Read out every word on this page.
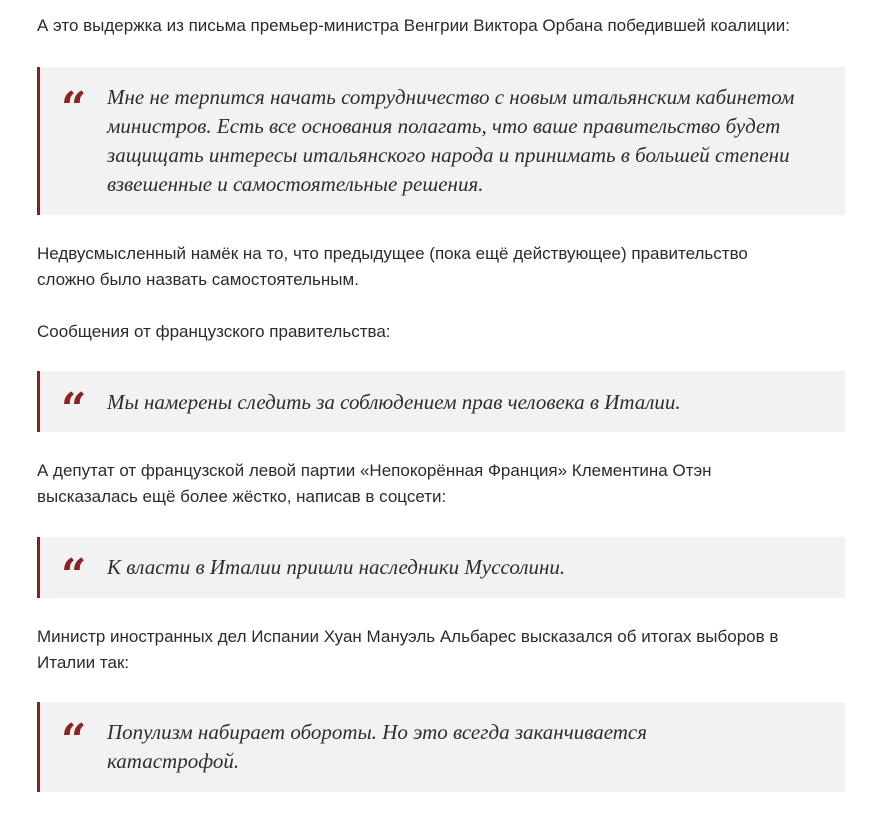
А это выдержка из письма премьер-министра Венгрии Виктора Орбана победившей коалиции:

“ Мне не терпится начать сотрудничество с новым итальянским кабинетом министров. Есть все основания полагать, что ваше правительство будет защищать интересы итальянского народа и принимать в большей степени взвешенные и самостоятельные решения.

Недвусмысленный намёк на то, что предыдущее (пока ещё действующее) правительство сложно было назвать самостоятельным.

Сообщения от французского правительства:

“ Мы намерены следить за соблюдением прав человека в Италии.

А депутат от французской левой партии «Непокорённая Франция» Клементина Отэн высказалась ещё более жёстко, написав в соцсети:

“ К власти в Италии пришли наследники Муссолини.

Министр иностранных дел Испании Хуан Мануэль Альбарес высказался об итогах выборов в Италии так:

“ Популизм набирает обороты. Но это всегда заканчивается катастрофой.
